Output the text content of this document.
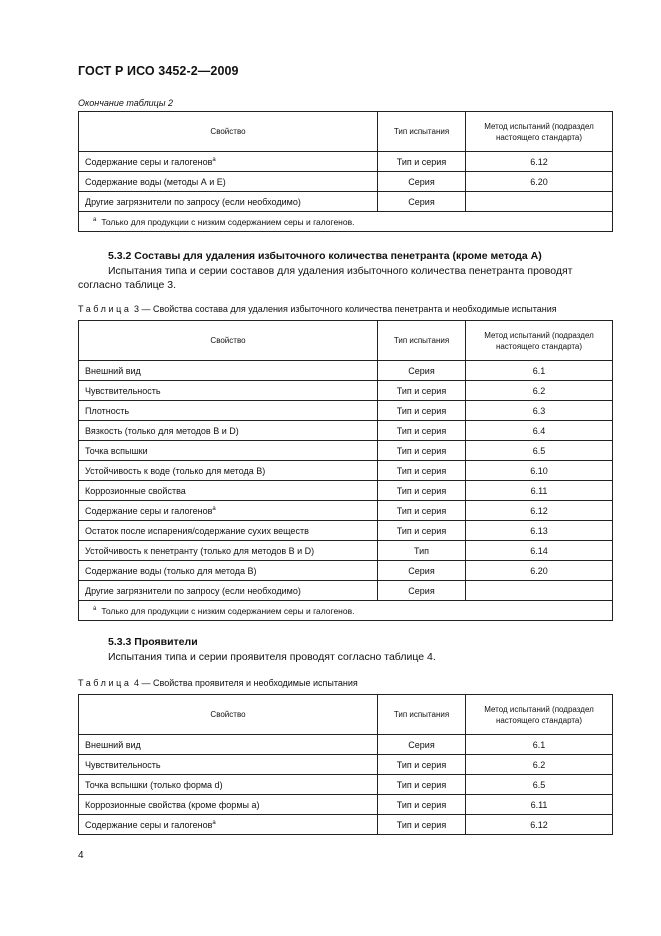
ГОСТ Р ИСО 3452-2—2009
Окончание таблицы 2
Свойство	Тип испытания	Метод испытаний (подраздел настоящего стандарта)
Содержание серы и галогенов$^a$	Тип и серия	6.12
Содержание воды (методы А и Е)	Серия	6.20
Другие загрязнители по запросу (если необходимо)	Серия	
$^a$ Только для продукции с низким содержанием серы и галогенов.		
5.3.2 Составы для удаления избыточного количества пенетранта (кроме метода А)
Испытания типа и серии составов для удаления избыточного количества пенетранта проводят согласно таблице 3.
Таблица 3 — Свойства состава для удаления избыточного количества пенетранта и необходимые испытания
Свойство	Тип испытания	Метод испытаний (подраздел настоящего стандарта)
Внешний вид	Серия	6.1
Чувствительность	Тип и серия	6.2
Плотность	Тип и серия	6.3
Вязкость (только для методов В и D)	Тип и серия	6.4
Точка вспышки	Тип и серия	6.5
Устойчивость к воде (только для метода В)	Тип и серия	6.10
Коррозионные свойства	Тип и серия	6.11
Содержание серы и галогенов$^a$	Тип и серия	6.12
Остаток после испарения/содержание сухих веществ	Тип и серия	6.13
Устойчивость к пенетранту (только для методов В и D)	Тип	6.14
Содержание воды (только для метода В)	Серия	6.20
Другие загрязнители по запросу (если необходимо)	Серия	
$^a$ Только для продукции с низким содержанием серы и галогенов.		
5.3.3 Проявители
Испытания типа и серии проявителя проводят согласно таблице 4.
Таблица 4 — Свойства проявителя и необходимые испытания
Свойство	Тип испытания	Метод испытаний (подраздел настоящего стандарта)
Внешний вид	Серия	6.1
Чувствительность	Тип и серия	6.2
Точка вспышки (только форма d)	Тип и серия	6.5
Коррозионные свойства (кроме формы а)	Тип и серия	6.11
Содержание серы и галогенов$^a$	Тип и серия	6.12
4
